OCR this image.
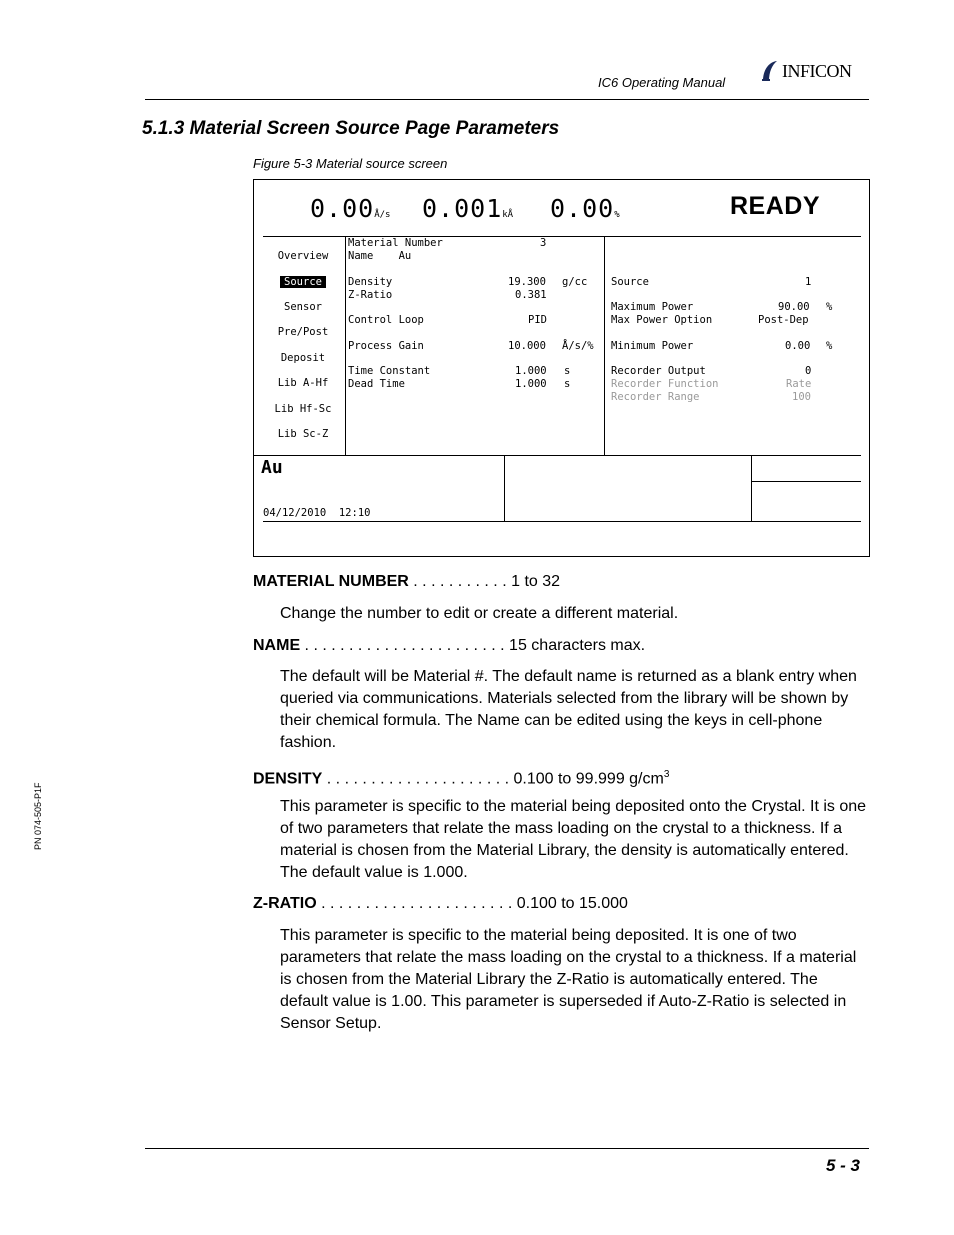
IC6 Operating Manual
INFICON
5.1.3 Material Screen Source Page Parameters
Figure 5-3 Material source screen
0.00Å/s 0.001kÅ 0.00%	READY
Overview
Source
Sensor
Pre/Post
Deposit
Lib A-Hf
Lib Hf-Sc
Lib Sc-Z
Material Number	3
Name    Au
Density	19.300 g/cc
Z-Ratio	0.381
Control Loop	PID
Process Gain	10.000 Å/s/%
Time Constant	1.000 s
Dead Time	1.000 s
Source	1
Maximum Power	90.00 %
Max Power Option	Post-Dep
Minimum Power	0.00 %
Recorder Output	0
Recorder Function	Rate
Recorder Range	100
Au
04/12/2010  12:10
MATERIAL NUMBER . . . . . . . . . . . 1 to 32
Change the number to edit or create a different material.
NAME . . . . . . . . . . . . . . . . . . . . . . . 15 characters max.
The default will be Material #. The default name is returned as a blank entry when queried via communications. Materials selected from the library will be shown by their chemical formula. The Name can be edited using the keys in cell-phone fashion.
DENSITY . . . . . . . . . . . . . . . . . . . . . 0.100 to 99.999 $g/cm^3$
This parameter is specific to the material being deposited onto the Crystal. It is one of two parameters that relate the mass loading on the crystal to a thickness. If a material is chosen from the Material Library, the density is automatically entered. The default value is 1.000.
Z-RATIO . . . . . . . . . . . . . . . . . . . . . . 0.100 to 15.000
This parameter is specific to the material being deposited. It is one of two parameters that relate the mass loading on the crystal to a thickness. If a material is chosen from the Material Library the Z-Ratio is automatically entered. The default value is 1.00. This parameter is superseded if Auto-Z-Ratio is selected in Sensor Setup.
5 - 3
PN 074-505-P1F
